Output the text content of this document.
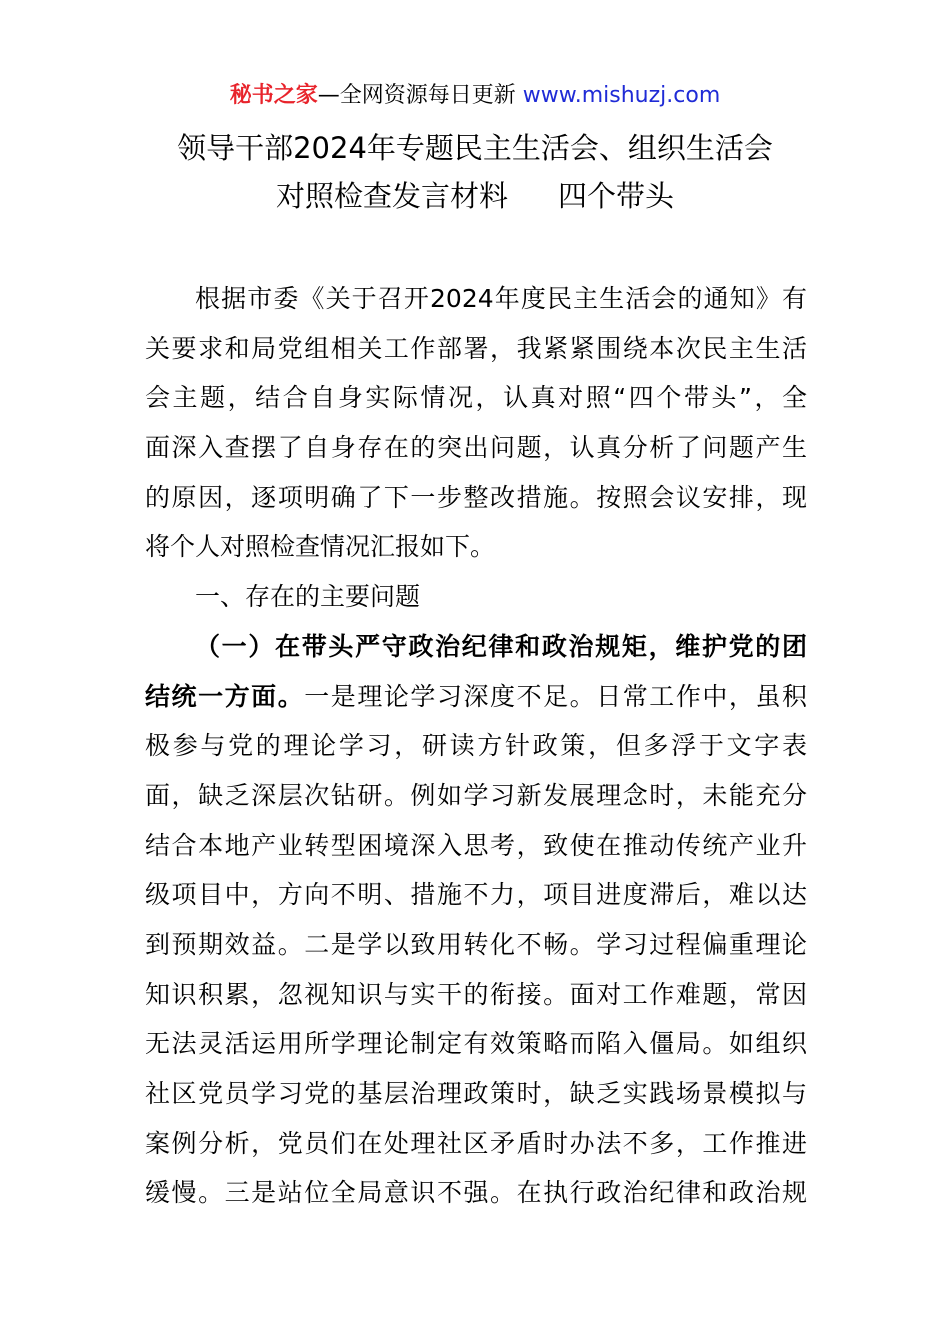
秘书之家—全网资源每日更新 www.mishuzj.com
领导干部2024年专题民主生活会、组织生活会
对照检查发言材料 四个带头
根据市委《关于召开2024年度民主生活会的通知》有
关要求和局党组相关工作部署，我紧紧围绕本次民主生活
会主题，结合自身实际情况，认真对照“四个带头”，全
面深入查摆了自身存在的突出问题，认真分析了问题产生
的原因，逐项明确了下一步整改措施。按照会议安排，现
将个人对照检查情况汇报如下。
一、存在的主要问题
（一）在带头严守政治纪律和政治规矩，维护党的团
结统一方面。一是理论学习深度不足。日常工作中，虽积
极参与党的理论学习，研读方针政策，但多浮于文字表
面，缺乏深层次钻研。例如学习新发展理念时，未能充分
结合本地产业转型困境深入思考，致使在推动传统产业升
级项目中，方向不明、措施不力，项目进度滞后，难以达
到预期效益。二是学以致用转化不畅。学习过程偏重理论
知识积累，忽视知识与实干的衔接。面对工作难题，常因
无法灵活运用所学理论制定有效策略而陷入僵局。如组织
社区党员学习党的基层治理政策时，缺乏实践场景模拟与
案例分析，党员们在处理社区矛盾时办法不多，工作推进
缓慢。三是站位全局意识不强。在执行政治纪律和政治规
